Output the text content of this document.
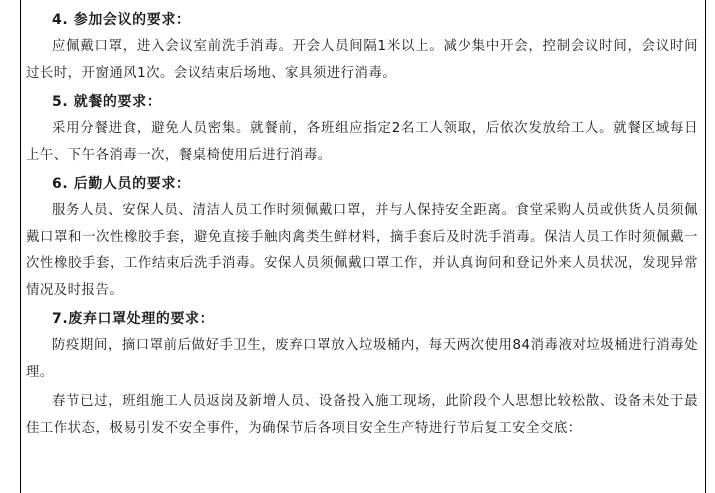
4. 参加会议的要求：

应佩戴口罩，进入会议室前洗手消毒。开会人员间隔1米以上。减少集中开会，控制会议时间，会议时间过长时，开窗通风1次。会议结束后场地、家具须进行消毒。

5. 就餐的要求：

采用分餐进食，避免人员密集。就餐前，各班组应指定2名工人领取，后依次发放给工人。就餐区域每日上午、下午各消毒一次，餐桌椅使用后进行消毒。

6. 后勤人员的要求：

服务人员、安保人员、清洁人员工作时须佩戴口罩，并与人保持安全距离。食堂采购人员或供货人员须佩戴口罩和一次性橡胶手套，避免直接手触肉禽类生鲜材料，摘手套后及时洗手消毒。保洁人员工作时须佩戴一次性橡胶手套，工作结束后洗手消毒。安保人员须佩戴口罩工作，并认真询问和登记外来人员状况，发现异常情况及时报告。

7.废弃口罩处理的要求：

防疫期间，摘口罩前后做好手卫生，废弃口罩放入垃圾桶内，每天两次使用84消毒液对垃圾桶进行消毒处理。

春节已过，班组施工人员返岗及新增人员、设备投入施工现场，此阶段个人思想比较松散、设备未处于最佳工作状态，极易引发不安全事件，为确保节后各项目安全生产特进行节后复工安全交底：
